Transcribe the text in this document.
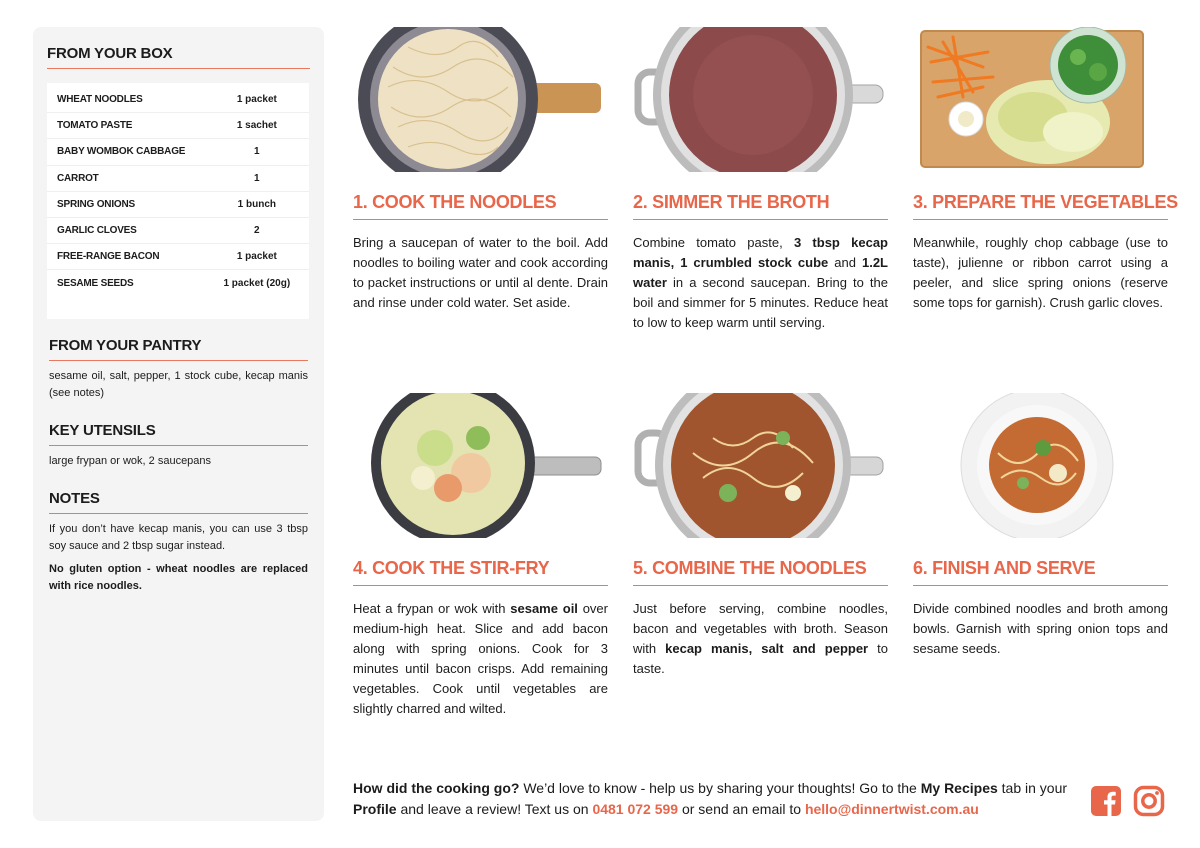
FROM YOUR BOX
WHEAT NOODLES	1 packet
TOMATO PASTE	1 sachet
BABY WOMBOK CABBAGE	1
CARROT	1
SPRING ONIONS	1 bunch
GARLIC CLOVES	2
FREE-RANGE BACON	1 packet
SESAME SEEDS	1 packet (20g)
FROM YOUR PANTRY

sesame oil, salt, pepper, 1 stock cube, kecap manis (see notes)

KEY UTENSILS

large frypan or wok, 2 saucepans

NOTES

If you don’t have kecap manis, you can use 3 tbsp soy sauce and 2 tbsp sugar instead.

No gluten option - wheat noodles are replaced with rice noodles.

1. COOK THE NOODLES

Bring a saucepan of water to the boil. Add noodles to boiling water and cook according to packet instructions or until al dente. Drain and rinse under cold water. Set aside.

2. SIMMER THE BROTH

Combine tomato paste, 3 tbsp kecap manis, 1 crumbled stock cube and 1.2L water in a second saucepan. Bring to the boil and simmer for 5 minutes. Reduce heat to low to keep warm until serving.

3. PREPARE THE VEGETABLES

Meanwhile, roughly chop cabbage (use to taste), julienne or ribbon carrot using a peeler, and slice spring onions (reserve some tops for garnish). Crush garlic cloves.

4. COOK THE STIR-FRY

Heat a frypan or wok with sesame oil over medium-high heat. Slice and add bacon along with spring onions. Cook for 3 minutes until bacon crisps. Add remaining vegetables. Cook until vegetables are slightly charred and wilted.

5. COMBINE THE NOODLES

Just before serving, combine noodles, bacon and vegetables with broth. Season with kecap manis, salt and pepper to taste.

6. FINISH AND SERVE

Divide combined noodles and broth among bowls. Garnish with spring onion tops and sesame seeds.

How did the cooking go? We’d love to know - help us by sharing your thoughts! Go to the My Recipes tab in your Profile and leave a review! Text us on 0481 072 599 or send an email to hello@dinnertwist.com.au
